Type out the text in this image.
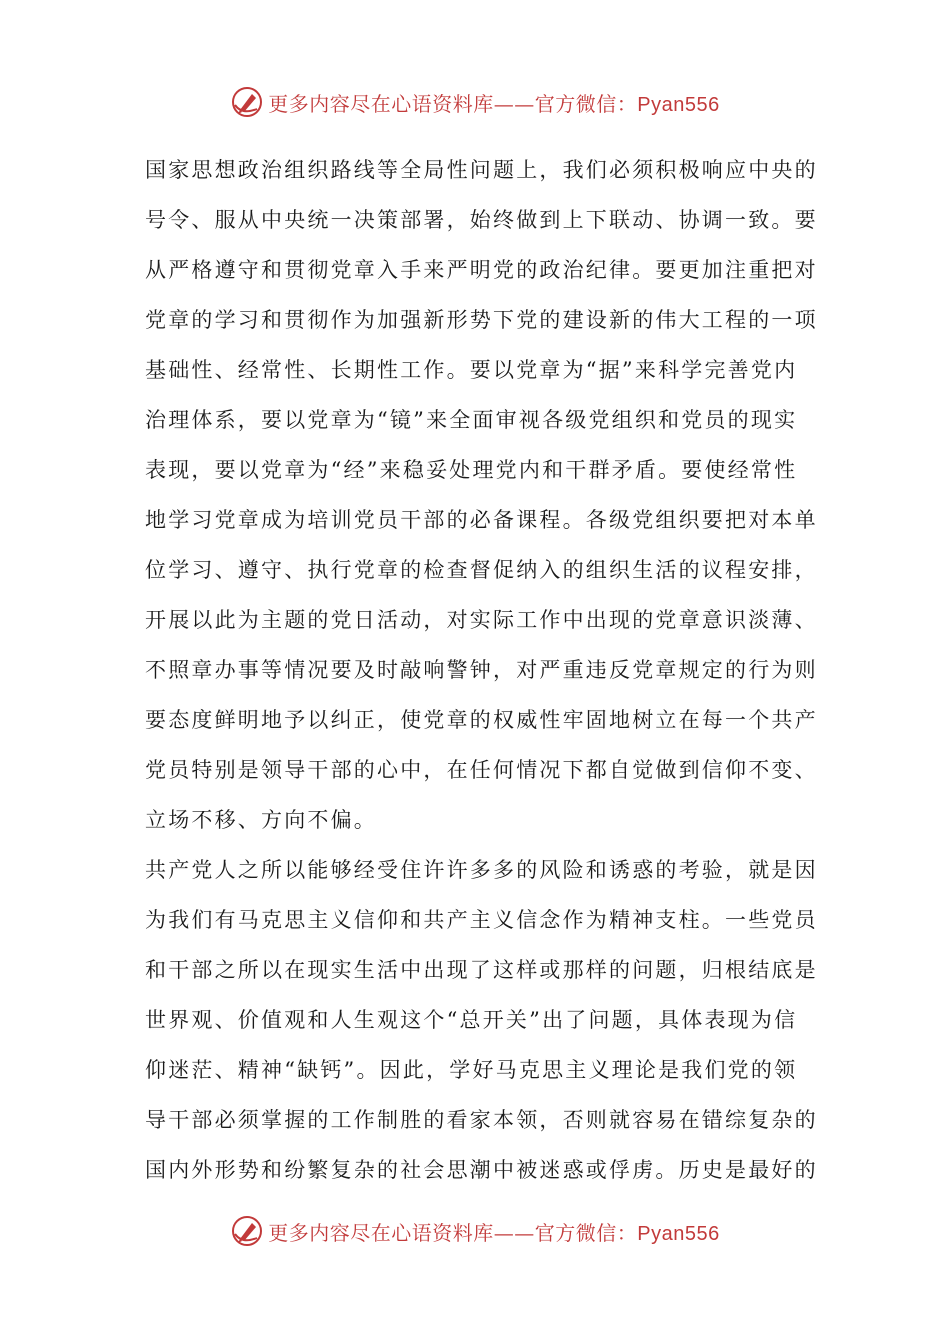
更多内容尽在心语资料库——官方微信：Pyan556
国家思想政治组织路线等全局性问题上，我们必须积极响应中央的
号令、服从中央统一决策部署，始终做到上下联动、协调一致。要
从严格遵守和贯彻党章入手来严明党的政治纪律。要更加注重把对
党章的学习和贯彻作为加强新形势下党的建设新的伟大工程的一项
基础性、经常性、长期性工作。要以党章为“据”来科学完善党内
治理体系，要以党章为“镜”来全面审视各级党组织和党员的现实
表现，要以党章为“经”来稳妥处理党内和干群矛盾。要使经常性
地学习党章成为培训党员干部的必备课程。各级党组织要把对本单
位学习、遵守、执行党章的检查督促纳入的组织生活的议程安排，
开展以此为主题的党日活动，对实际工作中出现的党章意识淡薄、
不照章办事等情况要及时敲响警钟，对严重违反党章规定的行为则
要态度鲜明地予以纠正，使党章的权威性牢固地树立在每一个共产
党员特别是领导干部的心中，在任何情况下都自觉做到信仰不变、
立场不移、方向不偏。
共产党人之所以能够经受住许许多多的风险和诱惑的考验，就是因
为我们有马克思主义信仰和共产主义信念作为精神支柱。一些党员
和干部之所以在现实生活中出现了这样或那样的问题，归根结底是
世界观、价值观和人生观这个“总开关”出了问题，具体表现为信
仰迷茫、精神“缺钙”。因此，学好马克思主义理论是我们党的领
导干部必须掌握的工作制胜的看家本领，否则就容易在错综复杂的
国内外形势和纷繁复杂的社会思潮中被迷惑或俘虏。历史是最好的
更多内容尽在心语资料库——官方微信：Pyan556
